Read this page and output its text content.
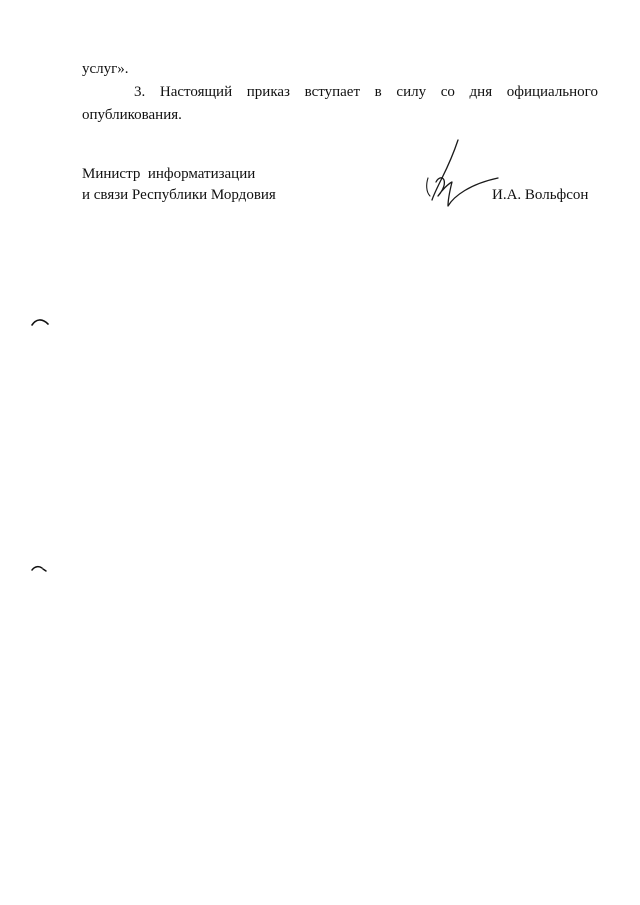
услуг».

3. Настоящий приказ вступает в силу со дня официального

опубликования.

Министр  информатизации
и связи Республики Мордовия	И.А. Вольфсон
